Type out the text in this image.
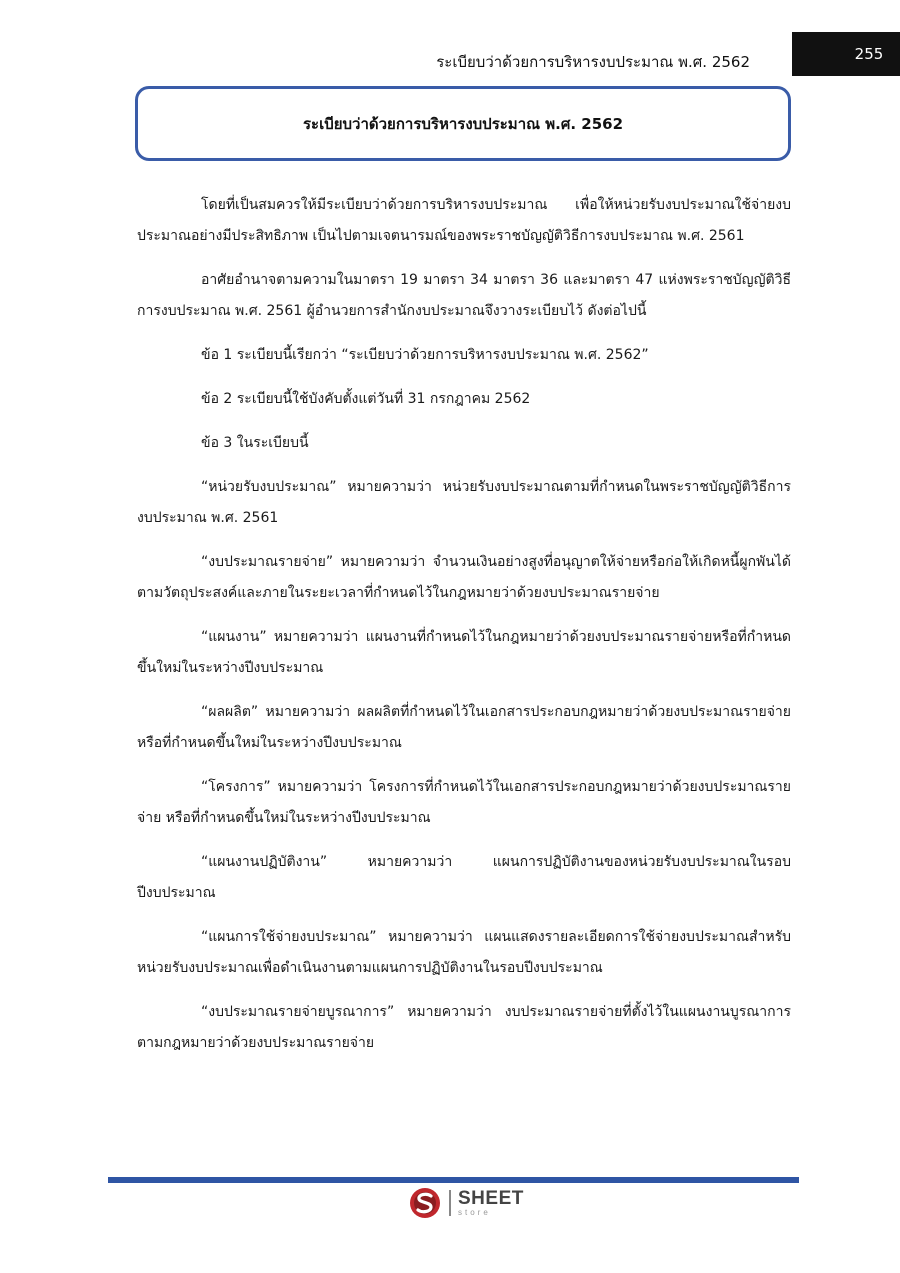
ระเบียบว่าด้วยการบริหารงบประมาณ พ.ศ. 2562	255
ระเบียบว่าด้วยการบริหารงบประมาณ พ.ศ. 2562

โดยที่เป็นสมควรให้มีระเบียบว่าด้วยการบริหารงบประมาณ เพื่อให้หน่วยรับงบประมาณใช้จ่ายงบประมาณอย่างมีประสิทธิภาพ เป็นไปตามเจตนารมณ์ของพระราชบัญญัติวิธีการงบประมาณ พ.ศ. 2561

อาศัยอำนาจตามความในมาตรา 19 มาตรา 34 มาตรา 36 และมาตรา 47 แห่งพระราชบัญญัติวิธีการงบประมาณ พ.ศ. 2561 ผู้อำนวยการสำนักงบประมาณจึงวางระเบียบไว้ ดังต่อไปนี้

ข้อ 1 ระเบียบนี้เรียกว่า “ระเบียบว่าด้วยการบริหารงบประมาณ พ.ศ. 2562”

ข้อ 2 ระเบียบนี้ใช้บังคับตั้งแต่วันที่ 31 กรกฎาคม 2562

ข้อ 3 ในระเบียบนี้

“หน่วยรับงบประมาณ” หมายความว่า หน่วยรับงบประมาณตามที่กำหนดในพระราชบัญญัติวิธีการงบประมาณ พ.ศ. 2561

“งบประมาณรายจ่าย” หมายความว่า จำนวนเงินอย่างสูงที่อนุญาตให้จ่ายหรือก่อให้เกิดหนี้ผูกพันได้ตามวัตถุประสงค์และภายในระยะเวลาที่กำหนดไว้ในกฎหมายว่าด้วยงบประมาณรายจ่าย

“แผนงาน” หมายความว่า แผนงานที่กำหนดไว้ในกฎหมายว่าด้วยงบประมาณรายจ่ายหรือที่กำหนดขึ้นใหม่ในระหว่างปีงบประมาณ

“ผลผลิต” หมายความว่า ผลผลิตที่กำหนดไว้ในเอกสารประกอบกฎหมายว่าด้วยงบประมาณรายจ่าย หรือที่กำหนดขึ้นใหม่ในระหว่างปีงบประมาณ

“โครงการ” หมายความว่า โครงการที่กำหนดไว้ในเอกสารประกอบกฎหมายว่าด้วยงบประมาณรายจ่าย หรือที่กำหนดขึ้นใหม่ในระหว่างปีงบประมาณ

“แผนงานปฏิบัติงาน” หมายความว่า แผนการปฏิบัติงานของหน่วยรับงบประมาณในรอบปีงบประมาณ

“แผนการใช้จ่ายงบประมาณ” หมายความว่า แผนแสดงรายละเอียดการใช้จ่ายงบประมาณสำหรับหน่วยรับงบประมาณเพื่อดำเนินงานตามแผนการปฏิบัติงานในรอบปีงบประมาณ

“งบประมาณรายจ่ายบูรณาการ” หมายความว่า งบประมาณรายจ่ายที่ตั้งไว้ในแผนงานบูรณาการตามกฎหมายว่าด้วยงบประมาณรายจ่าย

SHEET
store
